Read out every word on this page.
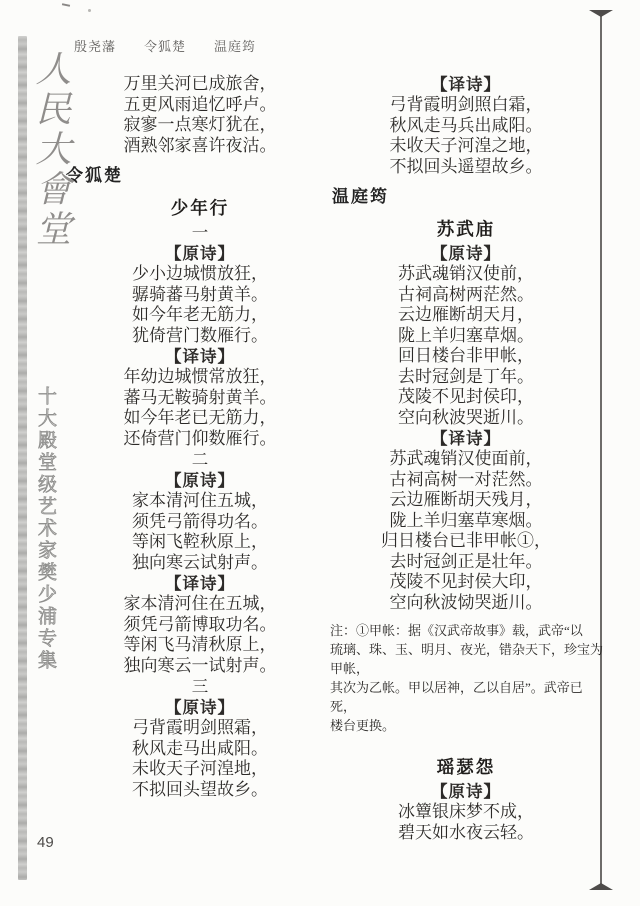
人民大會堂
十大殿堂级艺术家樊少浦专集
49
殷尧藩　　令狐楚　　温庭筠
万里关河已成旅舍，
五更风雨追忆呼卢。
寂寥一点寒灯犹在，
酒熟邻家喜许夜沽。
令狐楚
少年行
一
【原诗】
少小边城惯放狂，
骣骑蕃马射黄羊。
如今年老无筋力，
犹倚营门数雁行。
【译诗】
年幼边城惯常放狂，
蕃马无鞍骑射黄羊。
如今年老已无筋力，
还倚营门仰数雁行。
二
【原诗】
家本清河住五城，
须凭弓箭得功名。
等闲飞鞚秋原上，
独向寒云试射声。
【译诗】
家本清河住在五城，
须凭弓箭博取功名。
等闲飞马清秋原上，
独向寒云一试射声。
三
【原诗】
弓背霞明剑照霜，
秋风走马出咸阳。
未收天子河湟地，
不拟回头望故乡。
【译诗】
弓背霞明剑照白霜，
秋风走马兵出咸阳。
未收天子河湟之地，
不拟回头遥望故乡。
温庭筠
苏武庙
【原诗】
苏武魂销汉使前，
古祠高树两茫然。
云边雁断胡天月，
陇上羊归塞草烟。
回日楼台非甲帐，
去时冠剑是丁年。
茂陵不见封侯印，
空向秋波哭逝川。
【译诗】
苏武魂销汉使面前，
古祠高树一对茫然。
云边雁断胡天残月，
陇上羊归塞草寒烟。
归日楼台已非甲帐①，
去时冠剑正是壮年。
茂陵不见封侯大印，
空向秋波恸哭逝川。
注：①甲帐：据《汉武帝故事》载，武帝“以
琉璃、珠、玉、明月、夜光，错杂天下，珍宝为甲帐，
其次为乙帐。甲以居神，乙以自居”。武帝已死，
楼台更换。
瑶瑟怨
【原诗】
冰簟银床梦不成，
碧天如水夜云轻。
